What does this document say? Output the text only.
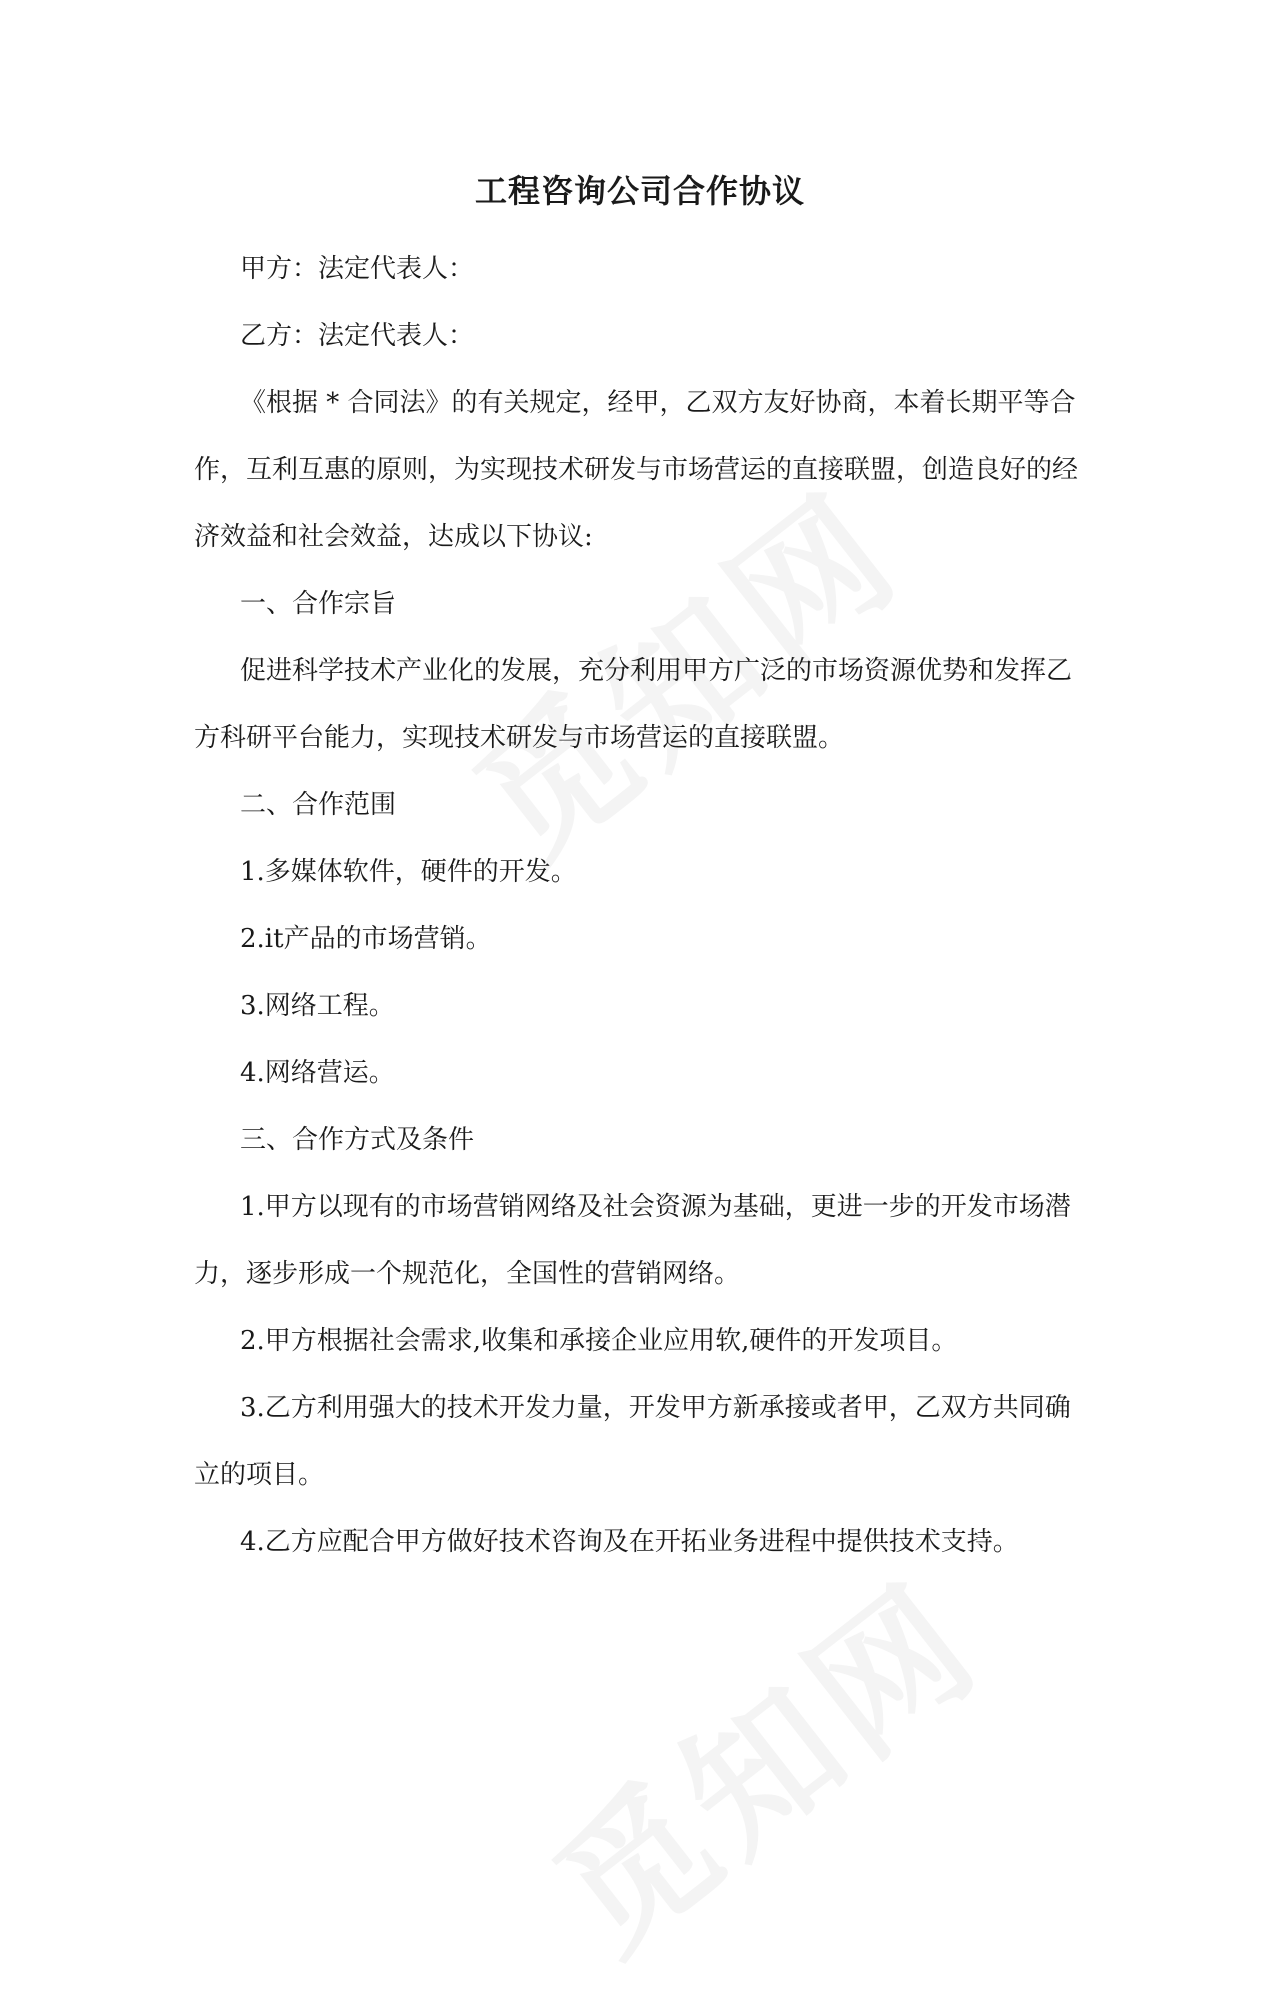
工程咨询公司合作协议

甲方：法定代表人：

乙方：法定代表人：

《根据 * 合同法》的有关规定，经甲，乙双方友好协商，本着长期平等合作，互利互惠的原则，为实现技术研发与市场营运的直接联盟，创造良好的经济效益和社会效益，达成以下协议:

一、合作宗旨

促进科学技术产业化的发展，充分利用甲方广泛的市场资源优势和发挥乙方科研平台能力，实现技术研发与市场营运的直接联盟。

二、合作范围

1.多媒体软件，硬件的开发。

2.it产品的市场营销。

3.网络工程。

4.网络营运。

三、合作方式及条件

1.甲方以现有的市场营销网络及社会资源为基础，更进一步的开发市场潜力，逐步形成一个规范化，全国性的营销网络。

2.甲方根据社会需求,收集和承接企业应用软,硬件的开发项目。

3.乙方利用强大的技术开发力量，开发甲方新承接或者甲，乙双方共同确立的项目。

4.乙方应配合甲方做好技术咨询及在开拓业务进程中提供技术支持。
